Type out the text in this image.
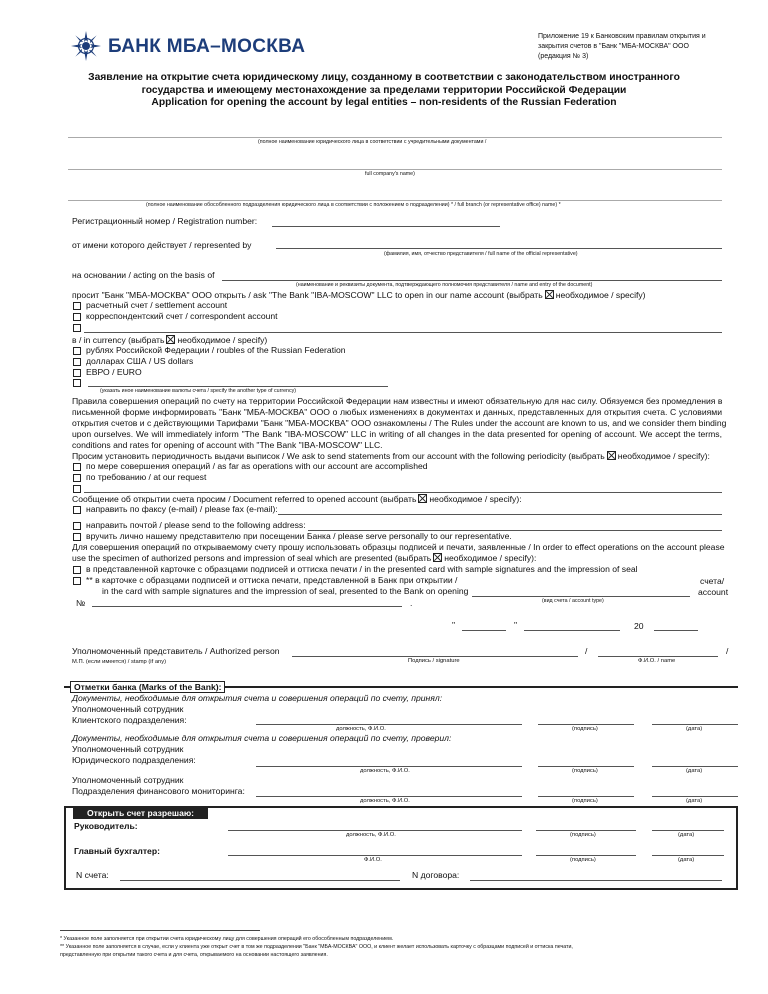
БАНК МБА–МОСКВА	Приложение 19 к Банковским правилам открытия и
закрытия счетов в "Банк "МБА-МОСКВА" ООО
(редакция № 3)
Заявление на открытие счета юридическому лицу, созданному в соответствии с законодательством иностранного
государства и имеющему местонахождение за пределами территории Российской Федерации
Application for opening the account by legal entities – non-residents of the Russian Federation
(полное наименование юридического лица в соответствии с учредительными документами /
full company's name)
(полное наименование обособленного подразделения юридического лица в соответствии с положением о подразделении) * / full branch (or representative office) name) *
Регистрационный номер / Registration number:
от имени которого действует / represented by
(фамилия, имя, отчество представителя / full name of the official representative)
на основании / acting on the basis of
(наименование и реквизиты документа, подтверждающего полномочия представителя / name and entry of the document)
просит "Банк "МБА-МОСКВА" ООО открыть / ask "The Bank "IBA-MOSCOW" LLC to open in our name account (выбрать необходимое / specify)
расчетный счет / settlement account
корреспондентский счет / correspondent account
в / in currency (выбрать необходимое / specify)
рублях Российской Федерации / roubles of the Russian Federation
долларах США / US dollars
ЕВРО / EURO
(указать иное наименование валюты счета / specify the another type of currency)
Правила совершения операций по счету на территории Российской Федерации нам известны и имеют обязательную для нас силу. Обязуемся без промедления в
письменной форме информировать "Банк "МБА-МОСКВА" ООО о любых изменениях в документах и данных, представленных для открытия счета. С условиями
открытия счетов и с действующими Тарифами "Банк "МБА-МОСКВА" ООО ознакомлены / The Rules under the account are known to us, and we consider them binding
upon ourselves. We will immediately inform "The Bank "IBA-MOSCOW" LLC in writing of all changes in the data presented for opening of account. We accept the terms,
conditions and rates for opening of account with "The Bank "IBA-MOSCOW" LLC.
Просим установить периодичность выдачи выписок / We ask to send statements from our account with the following periodicity (выбрать необходимое / specify):
по мере совершения операций / as far as operations with our account are accomplished
по требованию / at our request
Сообщение об открытии счета просим / Document referred to opened account (выбрать необходимое / specify):
направить по факсу (e-mail) / please fax (e-mail):
направить почтой / please send to the following address:
вручить лично нашему представителю при посещении Банка / please serve personally to our representative.
Для совершения операций по открываемому счету прошу использовать образцы подписей и печати, заявленные / In order to effect operations on the account please
use the specimen of authorized persons and impression of seal which are presented (выбрать необходимое / specify):
в представленной карточке с образцами подписей и оттиска печати / in the presented card with sample signatures and the impression of seal
** в карточке с образцами подписей и оттиска печати, представленной в Банк при открытии /	счета/
in the card with sample signatures and the impression of seal, presented to the Bank on opening	account
№	.	(вид счета / account type)
"	"	20
Уполномоченный представитель / Authorized person	/	/
М.П. (если имеется) / stamp (if any)	Подпись / signature	Ф.И.О. / name
Отметки банка (Marks of the Bank):
Документы, необходимые для открытия счета и совершения операций по счету, принял:
Уполномоченный сотрудник
Клиентского подразделения:
должность, Ф.И.О.	(подпись)	(дата)
Документы, необходимые для открытия счета и совершения операций по счету, проверил:
Уполномоченный сотрудник
Юридического подразделения:
должность, Ф.И.О.	(подпись)	(дата)
Уполномоченный сотрудник
Подразделения финансового мониторинга:
должность, Ф.И.О.	(подпись)	(дата)
Открыть счет разрешаю:
Руководитель:
должность, Ф.И.О.	(подпись)	(дата)
Главный бухгалтер:
Ф.И.О.	(подпись)	(дата)
N счета:	N договора:
* Указанное поле заполняется при открытии счета юридическому лицу для совершения операций его обособленным подразделением.
** Указанное поле заполняется в случае, если у клиента уже открыт счет в том же подразделении "Банк "МБА-МОСКВА" ООО, и клиент желает использовать карточку с образцами подписей и оттиска печати,
представленную при открытии такого счета и для счета, открываемого на основании настоящего заявления.
